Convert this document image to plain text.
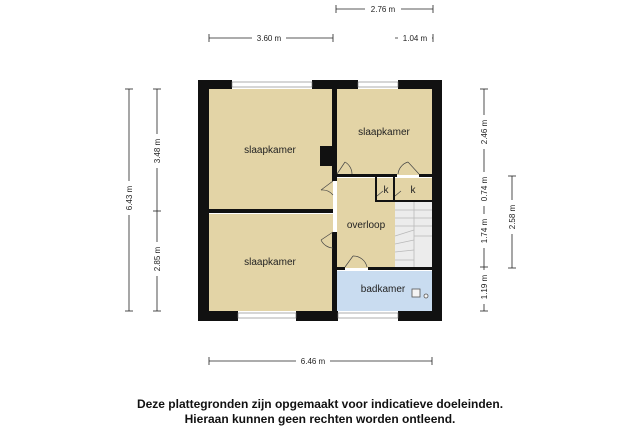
2.76 m
3.60 m	1.04 m
6.46 m
6.43 m
3.48 m
2.85 m
2.46 m
0.74 m
1.74 m
1.19 m
2.58 m
slaapkamer
slaapkamer
slaapkamer
overloop
badkamer
k k
Deze plattegronden zijn opgemaakt voor indicatieve doeleinden.
Hieraan kunnen geen rechten worden ontleend.
